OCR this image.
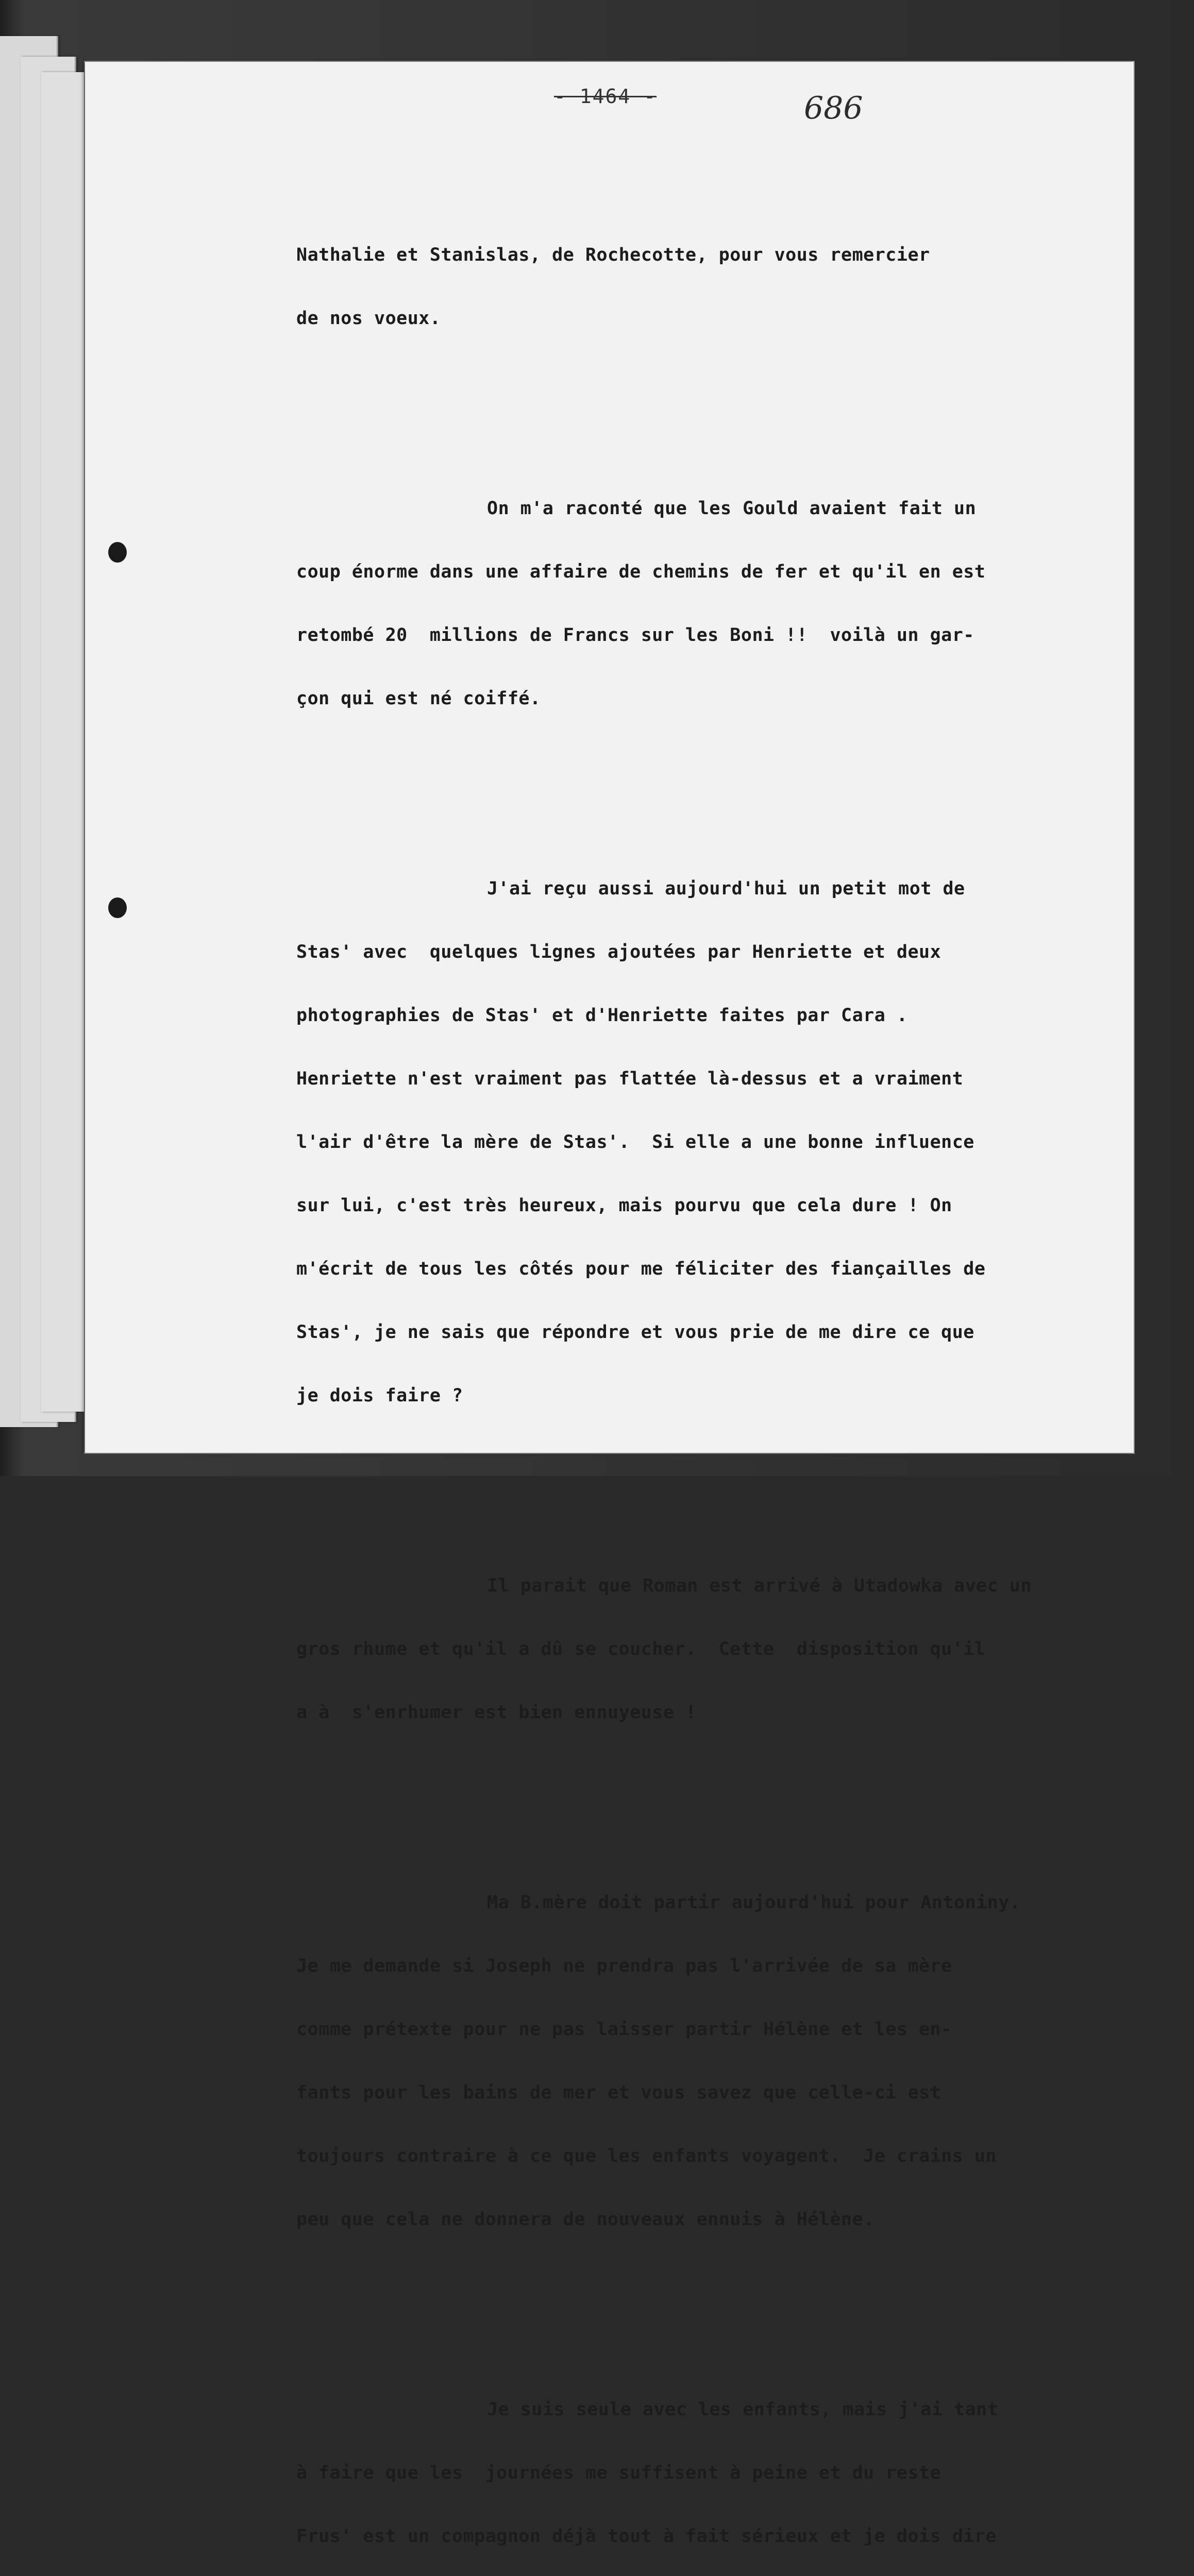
- 1464 -	686

Nathalie et Stanislas, de Rochecotte, pour vous remercier

de nos voeux.

On m'a raconté que les Gould avaient fait un

coup énorme dans une affaire de chemins de fer et qu'il en est

retombé 20  millions de Francs sur les Boni !!  voilà un gar-

çon qui est né coiffé.

J'ai reçu aussi aujourd'hui un petit mot de

Stas' avec  quelques lignes ajoutées par Henriette et deux

photographies de Stas' et d'Henriette faites par Cara .

Henriette n'est vraiment pas flattée là-dessus et a vraiment

l'air d'être la mère de Stas'.  Si elle a une bonne influence

sur lui, c'est très heureux, mais pourvu que cela dure ! On

m'écrit de tous les côtés pour me féliciter des fiançailles de

Stas', je ne sais que répondre et vous prie de me dire ce que

je dois faire ?

Il parait que Roman est arrivé à Utadowka avec un

gros rhume et qu'il a dû se coucher.  Cette  disposition qu'il

a à  s'enrhumer est bien ennuyeuse !

Ma B.mère doit partir aujourd'hui pour Antoniny.

Je me demande si Joseph ne prendra pas l'arrivée de sa mère

comme prétexte pour ne pas laisser partir Hélène et les en-

fants pour les bains de mer et vous savez que celle-ci est

toujours contraire à ce que les enfants voyagent.  Je crains un

peu que cela ne donnera de nouveaux ennuis à Hélène.

Je suis seule avec les enfants, mais j'ai tant

à faire que les  journées me suffisent à peine et du reste

Frus' est un compagnon déjà tout à fait sérieux et je dois dire
